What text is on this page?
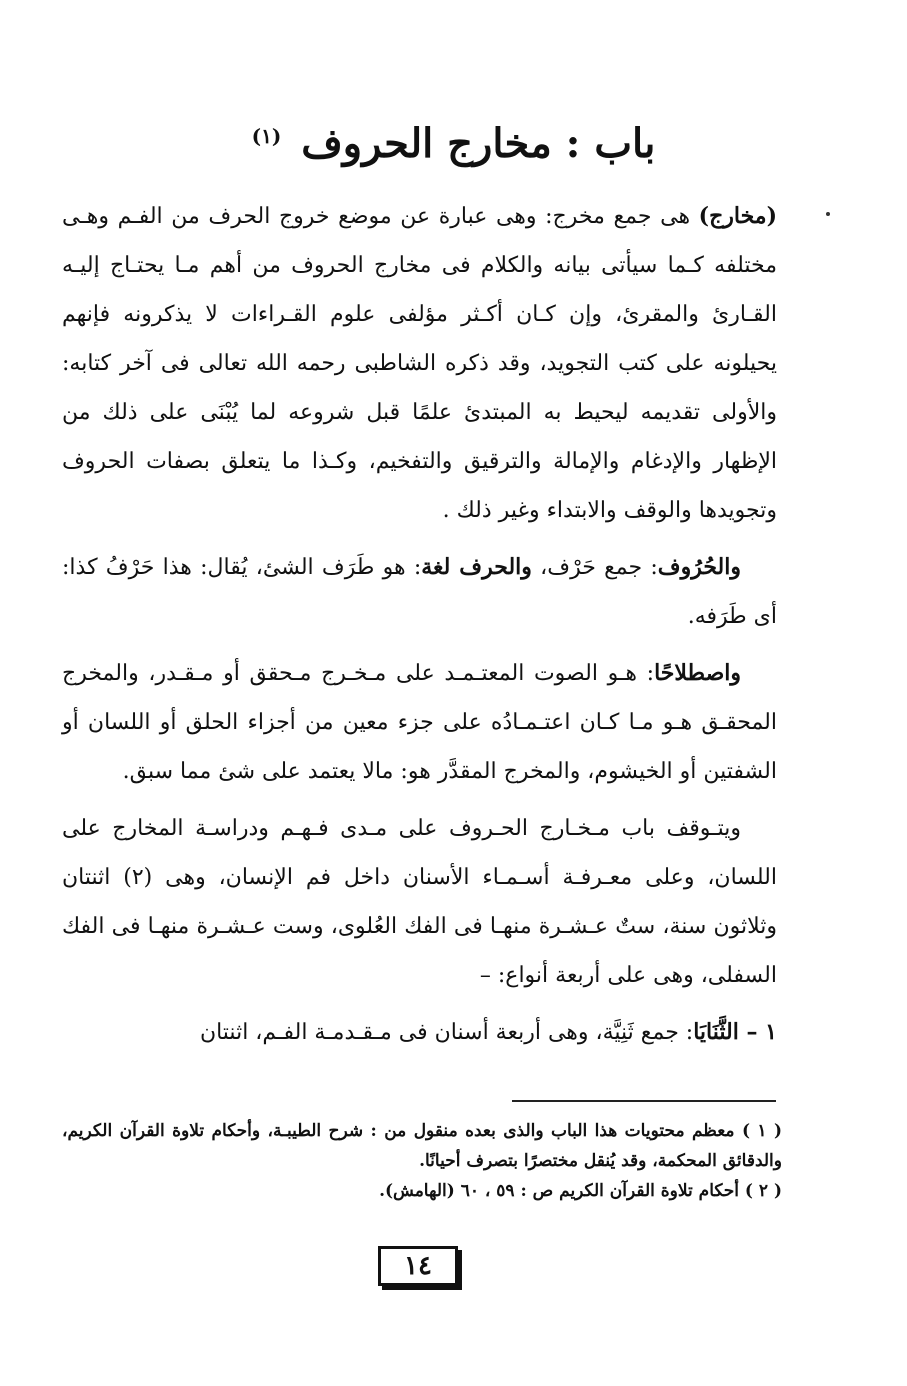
باب : مخارج الحروف $^{(١)}$

(مخارج) هى جمع مخرج: وهى عبارة عن موضع خروج الحرف من الفـم وهـى مختلفه كـما سيأتى بيانه والكلام فى مخارج الحروف من أهم مـا يحتـاج إليـه القـارئ والمقرئ، وإن كـان أكـثر مؤلفى علوم القـراءات لا يذكرونه فإنهم يحيلونه على كتب التجويد، وقد ذكره الشاطبى رحمه الله تعالى فى آخر كتابه: والأولى تقديمه ليحيط به المبتدئ علمًا قبل شروعه لما يُبْنَى على ذلك من الإظهار والإدغام والإمالة والترقيق والتفخيم، وكـذا ما يتعلق بصفات الحروف وتجويدها والوقف والابتداء وغير ذلك .

والحُرُوف: جمع حَرْف، والحرف لغة: هو طَرَف الشئ، يُقال: هذا حَرْفُ كذا: أى طَرَفه.

واصطلاحًا: هـو الصوت المعتـمـد على مـخـرج مـحقق أو مـقـدر، والمخرج المحقـق هـو مـا كـان اعتـمـادُه على جزء معين من أجزاء الحلق أو اللسان أو الشفتين أو الخيشوم، والمخرج المقدَّر هو: مالا يعتمد على شئ مما سبق.

ويتـوقف باب مـخـارج الحـروف على مـدى فـهـم ودراسـة المخارج على اللسان، وعلى معـرفـة أسـمـاء الأسنان داخل فم الإنسان، وهى (٢) اثنتان وثلاثون سنة، ستٌ عـشـرة منهـا فى الفك العُلوى، وست عـشـرة منهـا فى الفك السفلى، وهى على أربعة أنواع: –

١ – الثَّنَايَا: جمع ثَنِيَّة، وهى أربعة أسنان فى مـقـدمـة الفـم، اثنتان

( ١ ) معظم محتويات هذا الباب والذى بعده منقول من : شرح الطيبـة، وأحكام تلاوة القرآن الكريم، والدقائق المحكمة، وقد يُنقل مختصرًا بتصرف أحيانًا.

( ٢ ) أحكام تلاوة القرآن الكريم ص : ٥٩ ، ٦٠ (الهامش).

١٤
